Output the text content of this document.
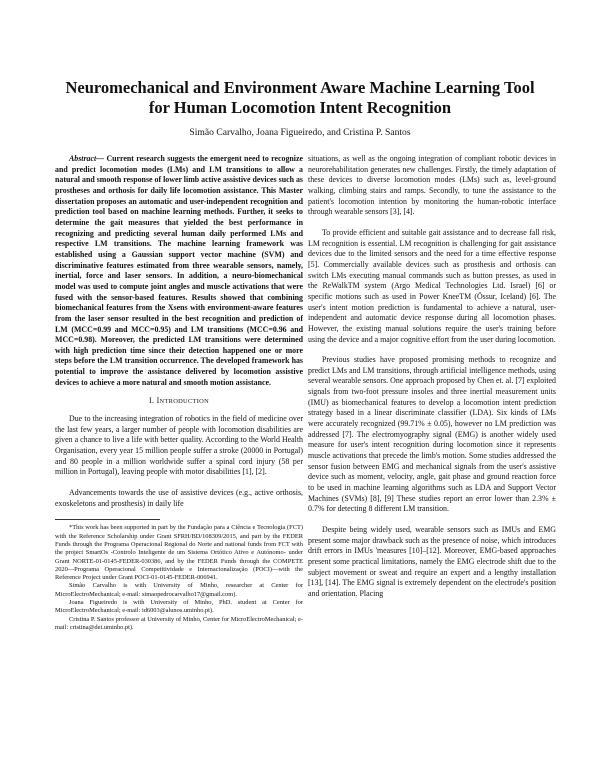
Neuromechanical and Environment Aware Machine Learning Tool
for Human Locomotion Intent Recognition
Simão Carvalho, Joana Figueiredo, and Cristina P. Santos

Abstract— Current research suggests the emergent need to recognize and predict locomotion modes (LMs) and LM transitions to allow a natural and smooth response of lower limb active assistive devices such as prostheses and orthosis for daily life locomotion assistance. This Master dissertation proposes an automatic and user-independent recognition and prediction tool based on machine learning methods. Further, it seeks to determine the gait measures that yielded the best performance in recognizing and predicting several human daily performed LMs and respective LM transitions. The machine learning framework was established using a Gaussian support vector machine (SVM) and discriminative features estimated from three wearable sensors, namely, inertial, force and laser sensors. In addition, a neuro-biomechanical model was used to compute joint angles and muscle activations that were fused with the sensor-based features. Results showed that combining biomechanical features from the Xsens with environment-aware features from the laser sensor resulted in the best recognition and prediction of LM (MCC=0.99 and MCC=0.95) and LM transitions (MCC=0.96 and MCC=0.98). Moreover, the predicted LM transitions were determined with high prediction time since their detection happened one or more steps before the LM transition occurrence. The developed framework has potential to improve the assistance delivered by locomotion assistive devices to achieve a more natural and smooth motion assistance.

I. INTRODUCTION

Due to the increasing integration of robotics in the field of medicine over the last few years, a larger number of people with locomotion disabilities are given a chance to live a life with better quality. According to the World Health Organisation, every year 15 million people suffer a stroke (20000 in Portugal) and 80 people in a million worldwide suffer a spinal cord injury (58 per million in Portugal), leaving people with motor disabilities [1], [2].

Advancements towards the use of assistive devices (e.g., active orthosis, exoskeletons and prosthesis) in daily life

*This work has been supported in part by the Fundação para a Ciência e Tecnologia (FCT) with the Reference Scholarship under Grant SFRH/BD/108309/2015, and part by the FEDER Funds through the Programa Operacional Regional do Norte and national funds from FCT with the project SmartOs -Controlo Inteligente de um Sistema Ortótico Ativo e Autónomo- under Grant NORTE-01-0145-FEDER-030386, and by the FEDER Funds through the COMPETE 2020—Programa Operacional Competitividade e Internacionalização (POCI)—with the Reference Project under Grant POCI-01-0145-FEDER-006941.

Simão Carvalho is with University of Minho, researcher at Center for MicroElectroMechanical; e-mail: simaopedrocarvalho17@gmail.com).

Joana Figueiredo is with University of Minho, PhD. student at Center for MicroElectroMechanical; e-mail: id6003@alunos.uminho.pt).

Cristina P. Santos professor at University of Minho, Center for MicroElectroMechanical; e-mail: cristina@dei.uminho.pt).

situations, as well as the ongoing integration of compliant robotic devices in neurorehabilitation generates new challenges. Firstly, the timely adaptation of these devices to diverse locomotion modes (LMs) such as, level-ground walking, climbing stairs and ramps. Secondly, to tune the assistance to the patient's locomotion intention by monitoring the human-robotic interface through wearable sensors [3], [4].

To provide efficient and suitable gait assistance and to decrease fall risk, LM recognition is essential. LM recognition is challenging for gait assistance devices due to the limited sensors and the need for a time effective response [5]. Commercially available devices such as prosthesis and orthosis can switch LMs executing manual commands such as button presses, as used in the ReWalkTM system (Argo Medical Technologies Ltd. Israel) [6] or specific motions such as used in Power KneeTM (Össur, Iceland) [6]. The user's intent motion prediction is fundamental to achieve a natural, user-independent and automatic device response during all locomotion phases. However, the existing manual solutions require the user's training before using the device and a major cognitive effort from the user during locomotion.

Previous studies have proposed promising methods to recognize and predict LMs and LM transitions, through artificial intelligence methods, using several wearable sensors. One approach proposed by Chen et. al. [7] exploited signals from two-foot pressure insoles and three inertial measurement units (IMU) as biomechanical features to develop a locomotion intent prediction strategy based in a linear discriminate classifier (LDA). Six kinds of LMs were accurately recognized (99.71% ± 0.05), however no LM prediction was addressed [7]. The electromyography signal (EMG) is another widely used measure for user's intent recognition during locomotion since it represents muscle activations that precede the limb's motion. Some studies addressed the sensor fusion between EMG and mechanical signals from the user's assistive device such as moment, velocity, angle, gait phase and ground reaction force to be used in machine learning algorithms such as LDA and Support Vector Machines (SVMs) [8], [9] These studies report an error lower than 2.3% ± 0.7% for detecting 8 different LM transition.

Despite being widely used, wearable sensors such as IMUs and EMG present some major drawback such as the presence of noise, which introduces drift errors in IMUs 'measures [10]–[12]. Moreover, EMG-based approaches present some practical limitations, namely the EMG electrode shift due to the subject movement or sweat and require an expert and a lengthy installation [13], [14]. The EMG signal is extremely dependent on the electrode's position and orientation. Placing
